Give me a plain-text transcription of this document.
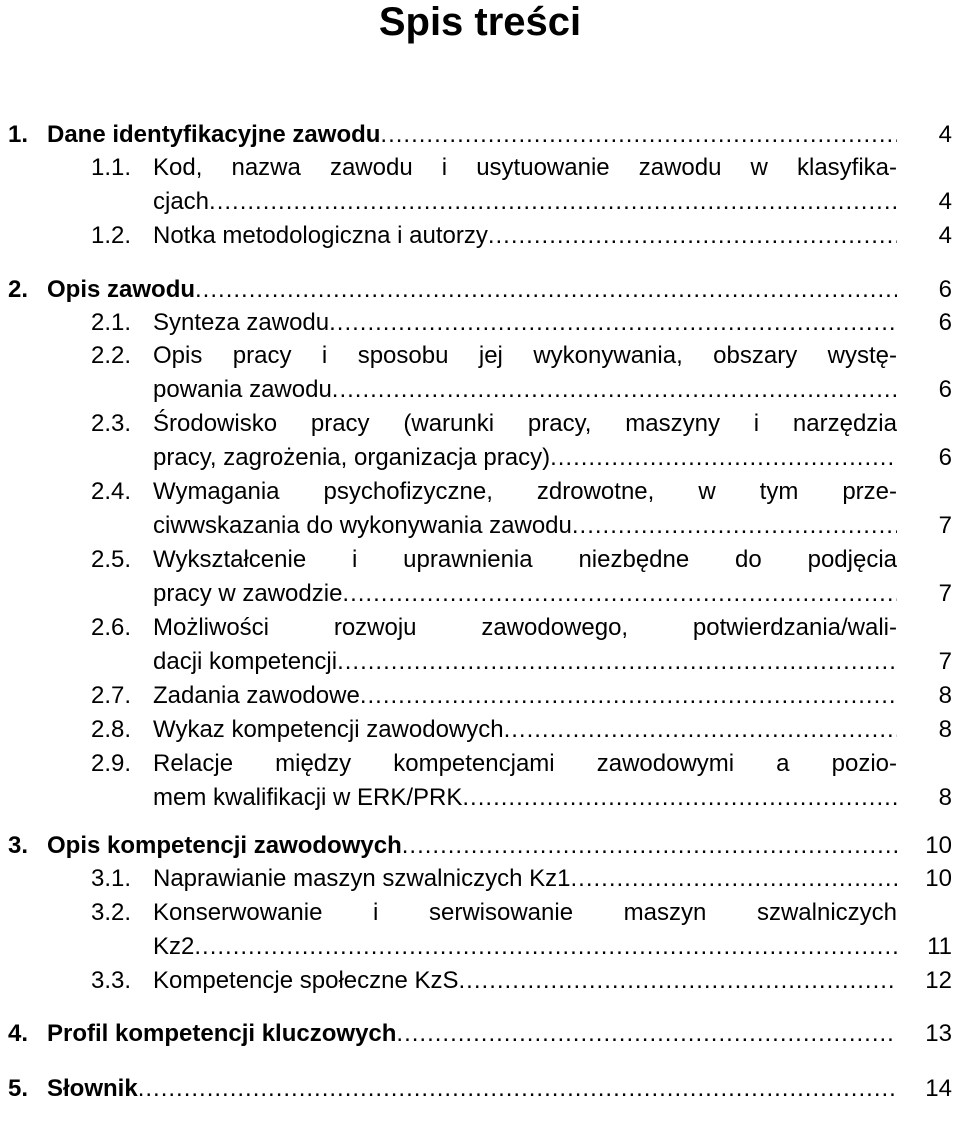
Spis treści
1. Dane identyfikacyjne zawodu .....	4
1.1. Kod, nazwa zawodu i usytuowanie zawodu w klasyfika-
cjach .....	4
1.2. Notka metodologiczna i autorzy .....	4
2. Opis zawodu .....	6
2.1. Synteza zawodu .....	6
2.2. Opis pracy i sposobu jej wykonywania, obszary wystę-
powania zawodu .....	6
2.3. Środowisko pracy (warunki pracy, maszyny i narzędzia
pracy, zagrożenia, organizacja pracy) .....	6
2.4. Wymagania psychofizyczne, zdrowotne, w tym prze-
ciwwskazania do wykonywania zawodu .....	7
2.5. Wykształcenie i uprawnienia niezbędne do podjęcia
pracy w zawodzie .....	7
2.6. Możliwości rozwoju zawodowego, potwierdzania/wali-
dacji kompetencji .....	7
2.7. Zadania zawodowe .....	8
2.8. Wykaz kompetencji zawodowych .....	8
2.9. Relacje między kompetencjami zawodowymi a pozio-
mem kwalifikacji w ERK/PRK .....	8
3. Opis kompetencji zawodowych .....	10
3.1. Naprawianie maszyn szwalniczych Kz1 .....	10
3.2. Konserwowanie i serwisowanie maszyn szwalniczych
Kz2 .....	11
3.3. Kompetencje społeczne KzS .....	12
4. Profil kompetencji kluczowych .....	13
5. Słownik .....	14
